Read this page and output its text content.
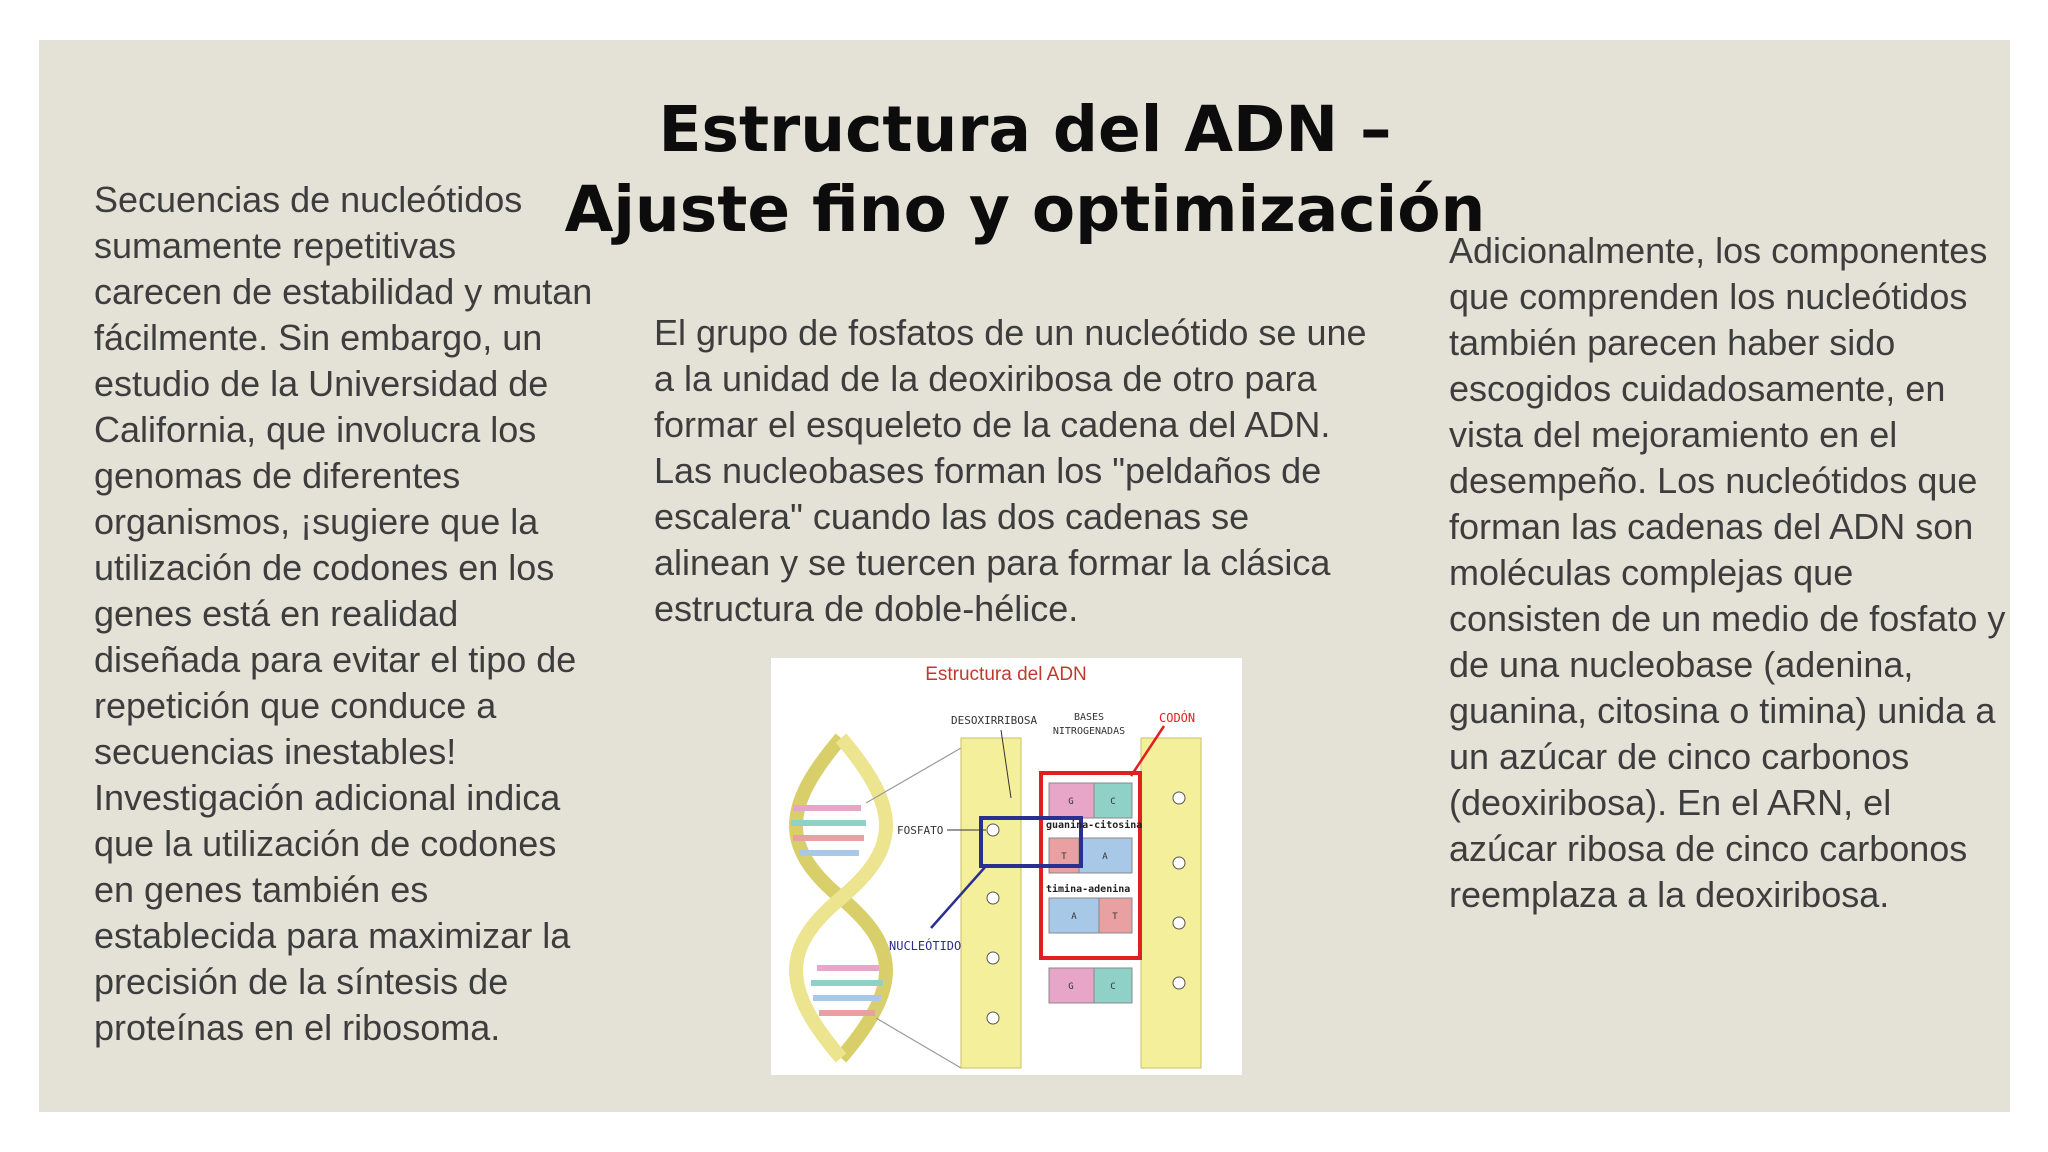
Estructura del ADN – Ajuste fino y optimización

Secuencias de nucleótidos sumamente repetitivas carecen de estabilidad y mutan fácilmente. Sin embargo, un estudio de la Universidad de California, que involucra los genomas de diferentes organismos, ¡sugiere que la utilización de codones en los genes está en realidad diseñada para evitar el tipo de repetición que conduce a secuencias inestables! Investigación adicional indica que la utilización de codones en genes también es establecida para maximizar la precisión de la síntesis de proteínas en el ribosoma.

El grupo de fosfatos de un nucleótido se une a la unidad de la deoxiribosa de otro para formar el esqueleto de la cadena del ADN. Las nucleobases forman los "peldaños de escalera" cuando las dos cadenas se alinean y se tuercen para formar la clásica estructura de doble-hélice.

Adicionalmente, los componentes que comprenden los nucleótidos también parecen haber sido escogidos cuidadosamente, en vista del mejoramiento en el desempeño. Los nucleótidos que forman las cadenas del ADN son moléculas complejas que consisten de un medio de fosfato y de una nucleobase (adenina, guanina, citosina o timina) unida a un azúcar de cinco carbonos (deoxiribosa). En el ARN, el azúcar ribosa de cinco carbonos reemplaza a la deoxiribosa.

Estructura del ADN
G	C
T	A
A	T
G	C
DESOXIRRIBOSA	BASES
NITROGENADAS
CODÓN
FOSFATO
NUCLEÓTIDO
guanina-citosina
timina-adenina
